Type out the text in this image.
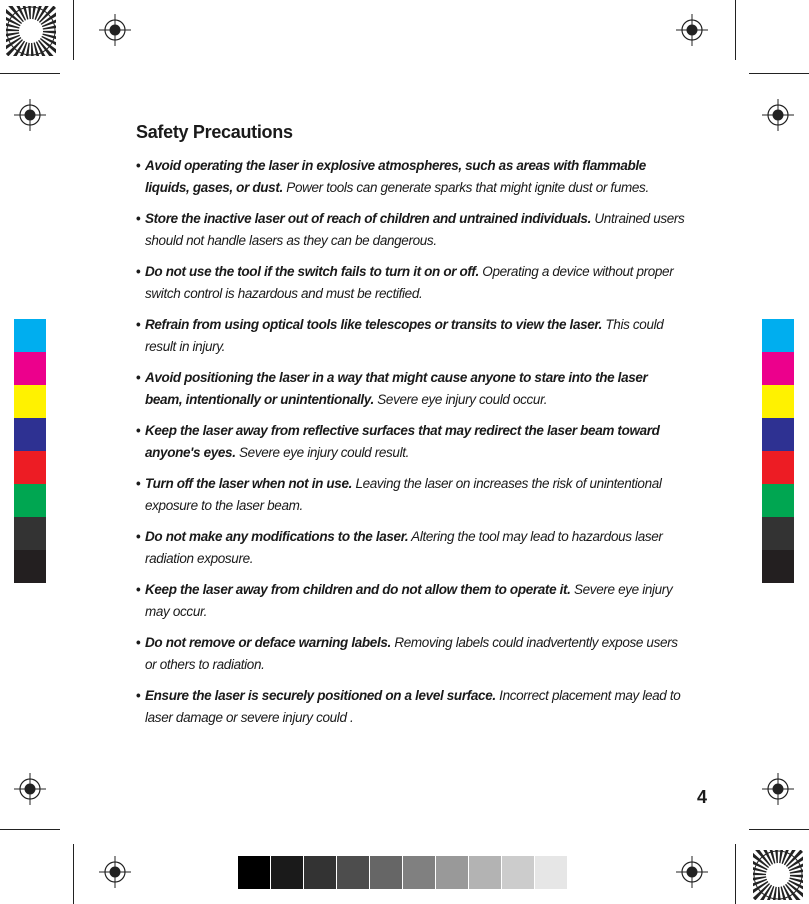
Safety Precautions
• Avoid operating the laser in explosive atmospheres, such as areas with flammable liquids, gases, or dust. Power tools can generate sparks that might ignite dust or fumes.
• Store the inactive laser out of reach of children and untrained individuals. Untrained users should not handle lasers as they can be dangerous.
• Do not use the tool if the switch fails to turn it on or off. Operating a device without proper switch control is hazardous and must be rectified.
• Refrain from using optical tools like telescopes or transits to view the laser. This could result in injury.
• Avoid positioning the laser in a way that might cause anyone to stare into the laser beam, intentionally or unintentionally. Severe eye injury could occur.
• Keep the laser away from reflective surfaces that may redirect the laser beam toward anyone's eyes. Severe eye injury could result.
• Turn off the laser when not in use. Leaving the laser on increases the risk of unintentional exposure to the laser beam.
• Do not make any modifications to the laser. Altering the tool may lead to hazardous laser radiation exposure.
• Keep the laser away from children and do not allow them to operate it. Severe eye injury may occur.
• Do not remove or deface warning labels. Removing labels could inadvertently expose users or others to radiation.
• Ensure the laser is securely positioned on a level surface. Incorrect placement may lead to laser damage or severe injury could .
4
